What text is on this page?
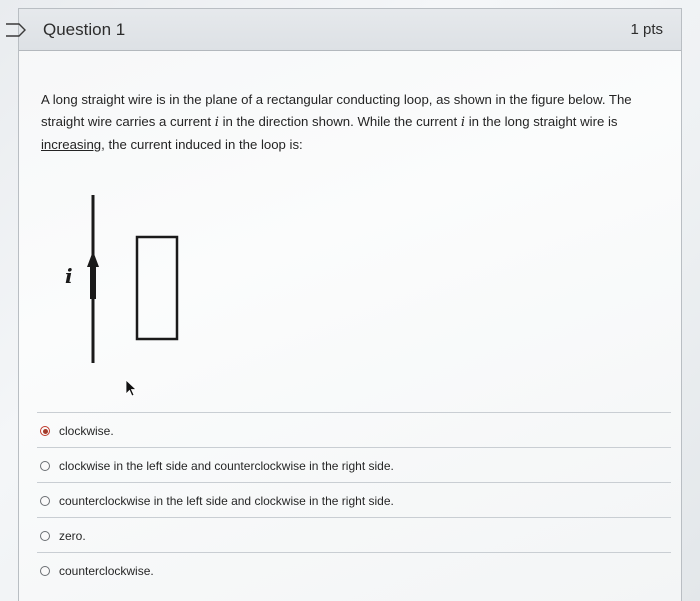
Question 1	1 pts
A long straight wire is in the plane of a rectangular conducting loop, as shown in the figure below. The straight wire carries a current i in the direction shown. While the current i in the long straight wire is increasing, the current induced in the loop is:
i
clockwise.
clockwise in the left side and counterclockwise in the right side.
counterclockwise in the left side and clockwise in the right side.
zero.
counterclockwise.
